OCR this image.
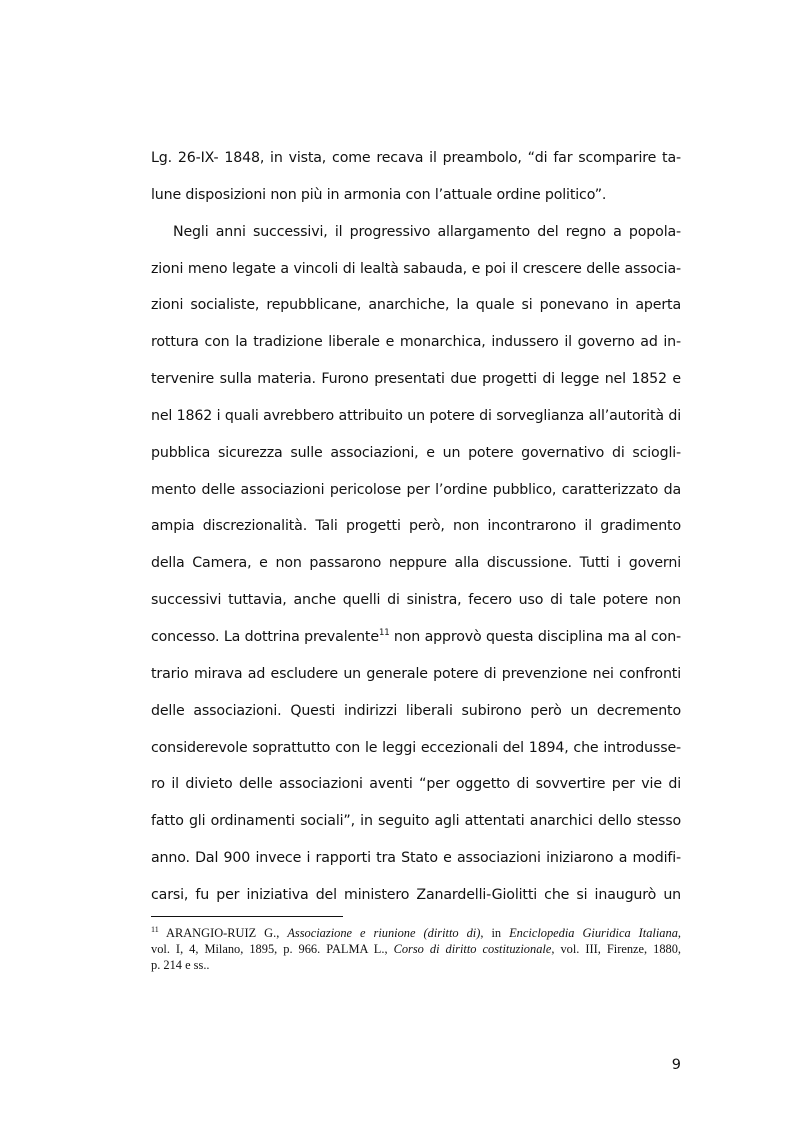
Lg. 26-IX- 1848, in vista, come recava il preambolo, “di far scomparire ta-
lune disposizioni non più in armonia con l’attuale ordine politico”.
Negli anni successivi, il progressivo allargamento del regno a popola-
zioni meno legate a vincoli di lealtà sabauda, e poi il crescere delle associa-
zioni socialiste, repubblicane, anarchiche, la quale si ponevano in aperta
rottura con la tradizione liberale e monarchica, indussero il governo ad in-
tervenire sulla materia. Furono presentati due progetti di legge nel 1852 e
nel 1862 i quali avrebbero attribuito un potere di sorveglianza all’autorità di
pubblica sicurezza sulle associazioni, e un potere governativo di sciogli-
mento delle associazioni pericolose per l’ordine pubblico, caratterizzato da
ampia discrezionalità. Tali progetti però, non incontrarono il gradimento
della Camera, e non passarono neppure alla discussione. Tutti i governi
successivi tuttavia, anche quelli di sinistra, fecero uso di tale potere non
concesso. La dottrina prevalente$^{11}$ non approvò questa disciplina ma al con-
trario mirava ad escludere un generale potere di prevenzione nei confronti
delle associazioni. Questi indirizzi liberali subirono però un decremento
considerevole soprattutto con le leggi eccezionali del 1894, che introdusse-
ro il divieto delle associazioni aventi “per oggetto di sovvertire per vie di
fatto gli ordinamenti sociali”, in seguito agli attentati anarchici dello stesso
anno. Dal 900 invece i rapporti tra Stato e associazioni iniziarono a modifi-
carsi, fu per iniziativa del ministero Zanardelli-Giolitti che si inaugurò un
$^{11}$ ARANGIO-RUIZ G., Associazione e riunione (diritto di), in Enciclopedia Giuridica Italiana,
vol. I, 4, Milano, 1895, p. 966. PALMA L., Corso di diritto costituzionale, vol. III, Firenze, 1880,
p. 214 e ss..
9
